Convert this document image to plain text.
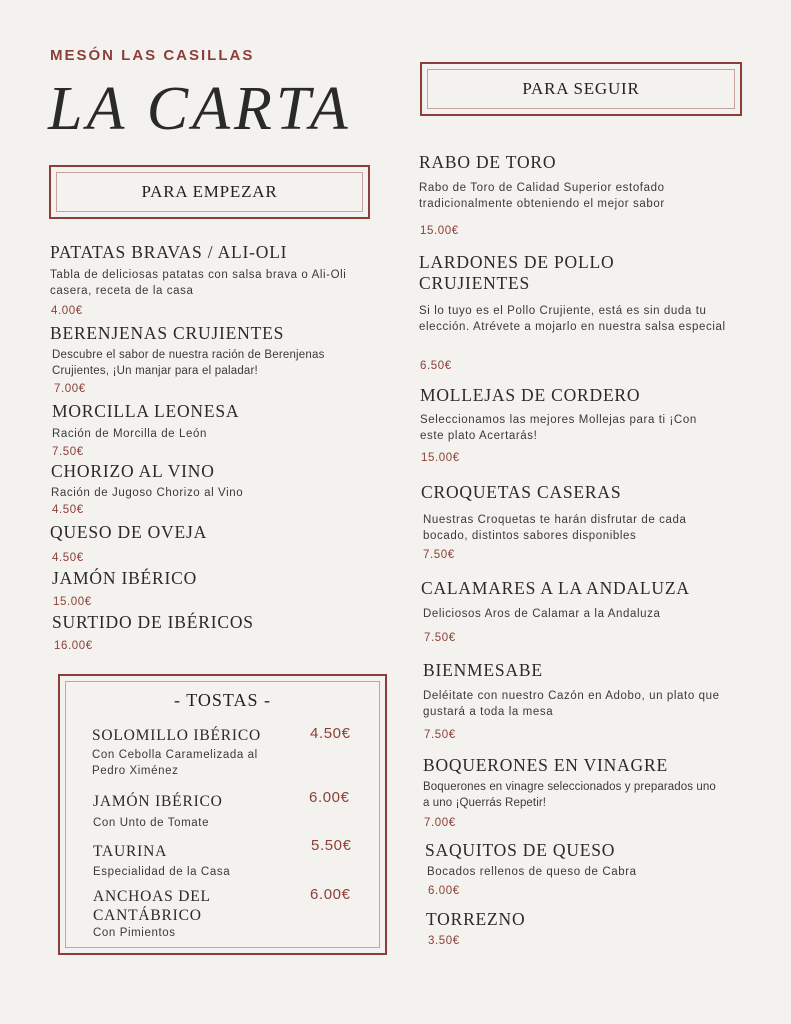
MESÓN LAS CASILLAS
LA CARTA
PARA EMPEZAR
PATATAS BRAVAS / ALI-OLI
Tabla de deliciosas patatas con salsa brava o Ali-Oli casera, receta de la casa
4.00€
BERENJENAS CRUJIENTES
Descubre el sabor de nuestra ración de Berenjenas Crujientes, ¡Un manjar para el paladar!
7.00€
MORCILLA LEONESA
Ración de Morcilla de León
7.50€
CHORIZO AL VINO
Ración de Jugoso Chorizo al Vino
4.50€
QUESO DE OVEJA
4.50€
JAMÓN IBÉRICO
15.00€
SURTIDO DE IBÉRICOS
16.00€
- TOSTAS -
SOLOMILLO IBÉRICO
Con Cebolla Caramelizada al Pedro Ximénez
4.50€
JAMÓN IBÉRICO
Con Unto de Tomate
6.00€
TAURINA
Especialidad de la Casa
5.50€
ANCHOAS DEL CANTÁBRICO
Con Pimientos
6.00€
PARA SEGUIR
RABO DE TORO
Rabo de Toro de Calidad Superior estofado tradicionalmente obteniendo el mejor sabor
15.00€
LARDONES DE POLLO CRUJIENTES
Si lo tuyo es el Pollo Crujiente, está es sin duda tu elección. Atrévete a mojarlo en nuestra salsa especial
6.50€
MOLLEJAS DE CORDERO
Seleccionamos las mejores Mollejas para ti ¡Con este plato Acertarás!
15.00€
CROQUETAS CASERAS
Nuestras Croquetas te harán disfrutar de cada bocado, distintos sabores disponibles
7.50€
CALAMARES A LA ANDALUZA
Deliciosos Aros de Calamar a la Andaluza
7.50€
BIENMESABE
Deléitate con nuestro Cazón en Adobo, un plato que gustará a toda la mesa
7.50€
BOQUERONES EN VINAGRE
Boquerones en vinagre seleccionados y preparados uno a uno ¡Querrás Repetir!
7.00€
SAQUITOS DE QUESO
Bocados rellenos de queso de Cabra
6.00€
TORREZNO
3.50€
